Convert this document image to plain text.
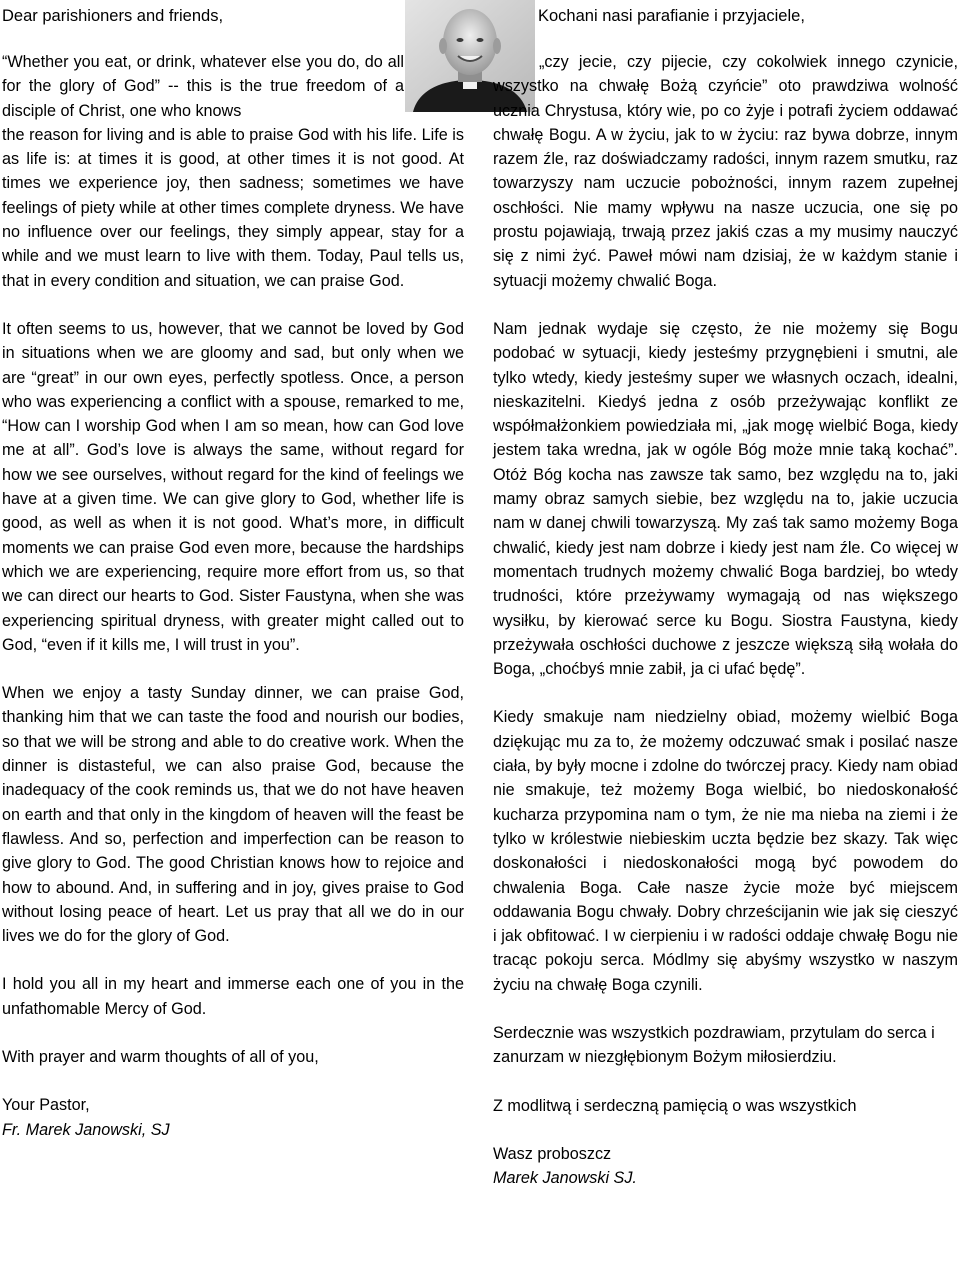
Dear parishioners and friends,
“Whether you eat, or drink, whatever else you do, do all for the glory of God” -- this is the true freedom of a disciple of Christ, one who knows

the reason for living and is able to praise God with his life. Life is as life is: at times it is good, at other times it is not good. At times we experience joy, then sadness; sometimes we have feelings of piety while at other times complete dryness. We have no influence over our feelings, they simply appear, stay for a while and we must learn to live with them. Today, Paul tells us, that in every condition and situation, we can praise God.

It often seems to us, however, that we cannot be loved by God in situations when we are gloomy and sad, but only when we are “great” in our own eyes, perfectly spotless. Once, a person who was experiencing a conflict with a spouse, remarked to me, “How can I worship God when I am so mean, how can God love me at all”. God’s love is always the same, without regard for how we see ourselves, without regard for the kind of feelings we have at a given time. We can give glory to God, whether life is good, as well as when it is not good. What’s more, in difficult moments we can praise God even more, because the hardships which we are experiencing, require more effort from us, so that we can direct our hearts to God. Sister Faustyna, when she was experiencing spiritual dryness, with greater might called out to God, “even if it kills me, I will trust in you”.

When we enjoy a tasty Sunday dinner, we can praise God, thanking him that we can taste the food and nourish our bodies, so that we will be strong and able to do creative work. When the dinner is distasteful, we can also praise God, because the inadequacy of the cook reminds us, that we do not have heaven on earth and that only in the kingdom of heaven will the feast be flawless. And so, perfection and imperfection can be reason to give glory to God. The good Christian knows how to rejoice and how to abound. And, in suffering and in joy, gives praise to God without losing peace of heart. Let us pray that all we do in our lives we do for the glory of God.

I hold you all in my heart and immerse each one of you in the unfathomable Mercy of God.

With prayer and warm thoughts of all of you,

Your Pastor,

Fr. Marek Janowski, SJ

Kochani nasi parafianie i przyjaciele,

„czy jecie, czy pijecie, czy cokolwiek innego czynicie, wszystko na chwałę Bożą czyńcie” oto prawdziwa wolność ucznia Chrystusa, który wie, po co żyje i potrafi życiem oddawać chwałę Bogu. A w życiu, jak to w życiu: raz bywa dobrze, innym razem źle, raz doświadczamy radości, innym razem smutku, raz towarzyszy nam uczucie pobożności, innym razem zupełnej oschłości. Nie mamy wpływu na nasze uczucia, one się po prostu pojawiają, trwają przez jakiś czas a my musimy nauczyć się z nimi żyć. Paweł mówi nam dzisiaj, że w każdym stanie i sytuacji możemy chwalić Boga.

Nam jednak wydaje się często, że nie możemy się Bogu podobać w sytuacji, kiedy jesteśmy przygnębieni i smutni, ale tylko wtedy, kiedy jesteśmy super we własnych oczach, idealni, nieskazitelni. Kiedyś jedna z osób przeżywając konflikt ze współmałżonkiem powiedziała mi, „jak mogę wielbić Boga, kiedy jestem taka wredna, jak w ogóle Bóg może mnie taką kochać”. Otóż Bóg kocha nas zawsze tak samo, bez względu na to, jaki mamy obraz samych siebie, bez względu na to, jakie uczucia nam w danej chwili towarzyszą. My zaś tak samo możemy Boga chwalić, kiedy jest nam dobrze i kiedy jest nam źle. Co więcej w momentach trudnych możemy chwalić Boga bardziej, bo wtedy trudności, które przeżywamy wymagają od nas większego wysiłku, by kierować serce ku Bogu. Siostra Faustyna, kiedy przeżywała oschłości duchowe z jeszcze większą siłą wołała do Boga, „choćbyś mnie zabił, ja ci ufać będę”.

Kiedy smakuje nam niedzielny obiad, możemy wielbić Boga dziękując mu za to, że możemy odczuwać smak i posilać nasze ciała, by były mocne i zdolne do twórczej pracy. Kiedy nam obiad nie smakuje, też możemy Boga wielbić, bo niedoskonałość kucharza przypomina nam o tym, że nie ma nieba na ziemi i że tylko w królestwie niebieskim uczta będzie bez skazy. Tak więc doskonałości i niedoskonałości mogą być powodem do chwalenia Boga. Całe nasze życie może być miejscem oddawania Bogu chwały. Dobry chrześcijanin wie jak się cieszyć i jak obfitować. I w cierpieniu i w radości oddaje chwałę Bogu nie tracąc pokoju serca. Módlmy się abyśmy wszystko w naszym życiu na chwałę Boga czynili.

Serdecznie was wszystkich pozdrawiam, przytulam do serca i zanurzam w niezgłębionym Bożym miłosierdziu.

Z modlitwą i serdeczną pamięcią o was wszystkich

Wasz proboszcz

Marek Janowski SJ.
